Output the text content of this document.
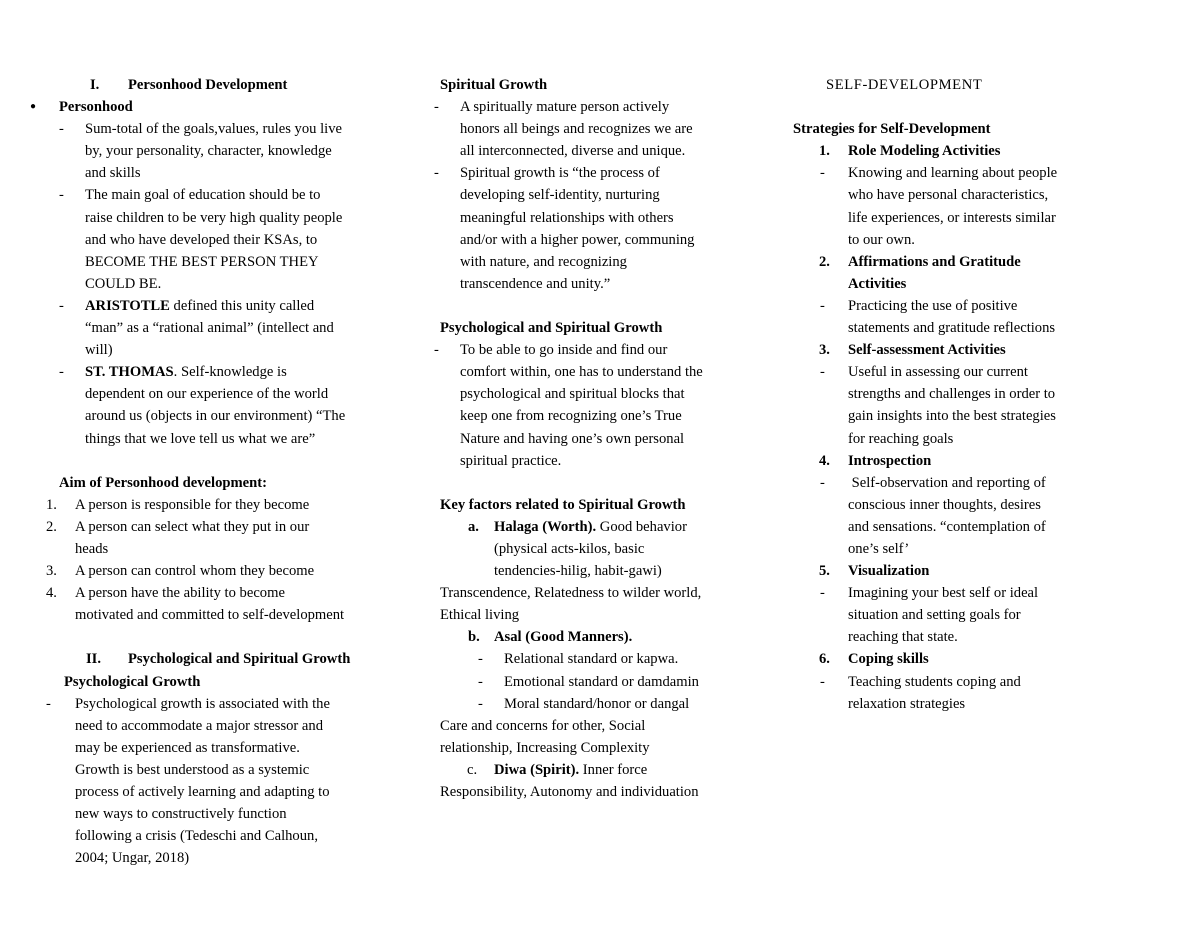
I. Personhood Development
● Personhood
- Sum-total of the goals,values, rules you live
by, your personality, character, knowledge
and skills
- The main goal of education should be to
raise children to be very high quality people
and who have developed their KSAs, to
BECOME THE BEST PERSON THEY
COULD BE.
- ARISTOTLE defined this unity called
“man” as a “rational animal” (intellect and
will)
- ST. THOMAS. Self-knowledge is
dependent on our experience of the world
around us (objects in our environment) “The
things that we love tell us what we are”
Aim of Personhood development:
1. A person is responsible for they become
2. A person can select what they put in our
heads
3. A person can control whom they become
4. A person have the ability to become
motivated and committed to self-development
II. Psychological and Spiritual Growth
Psychological Growth
- Psychological growth is associated with the
need to accommodate a major stressor and
may be experienced as transformative.
Growth is best understood as a systemic
process of actively learning and adapting to
new ways to constructively function
following a crisis (Tedeschi and Calhoun,
2004; Ungar, 2018)
Spiritual Growth
- A spiritually mature person actively
honors all beings and recognizes we are
all interconnected, diverse and unique.
- Spiritual growth is “the process of
developing self-identity, nurturing
meaningful relationships with others
and/or with a higher power, communing
with nature, and recognizing
transcendence and unity.”
Psychological and Spiritual Growth
- To be able to go inside and find our
comfort within, one has to understand the
psychological and spiritual blocks that
keep one from recognizing one’s True
Nature and having one’s own personal
spiritual practice.
Key factors related to Spiritual Growth
a. Halaga (Worth). Good behavior
(physical acts-kilos, basic
tendencies-hilig, habit-gawi)
Transcendence, Relatedness to wilder world,
Ethical living
b. Asal (Good Manners).
- Relational standard or kapwa.
- Emotional standard or damdamin
- Moral standard/honor or dangal
Care and concerns for other, Social
relationship, Increasing Complexity
c. Diwa (Spirit). Inner force
Responsibility, Autonomy and individuation
SELF-DEVELOPMENT
Strategies for Self-Development
1. Role Modeling Activities
- Knowing and learning about people
who have personal characteristics,
life experiences, or interests similar
to our own.
2. Affirmations and Gratitude
Activities
- Practicing the use of positive
statements and gratitude reflections
3. Self-assessment Activities
- Useful in assessing our current
strengths and challenges in order to
gain insights into the best strategies
for reaching goals
4. Introspection
- Self-observation and reporting of
conscious inner thoughts, desires
and sensations. “contemplation of
one’s self’
5. Visualization
- Imagining your best self or ideal
situation and setting goals for
reaching that state.
6. Coping skills
- Teaching students coping and
relaxation strategies
